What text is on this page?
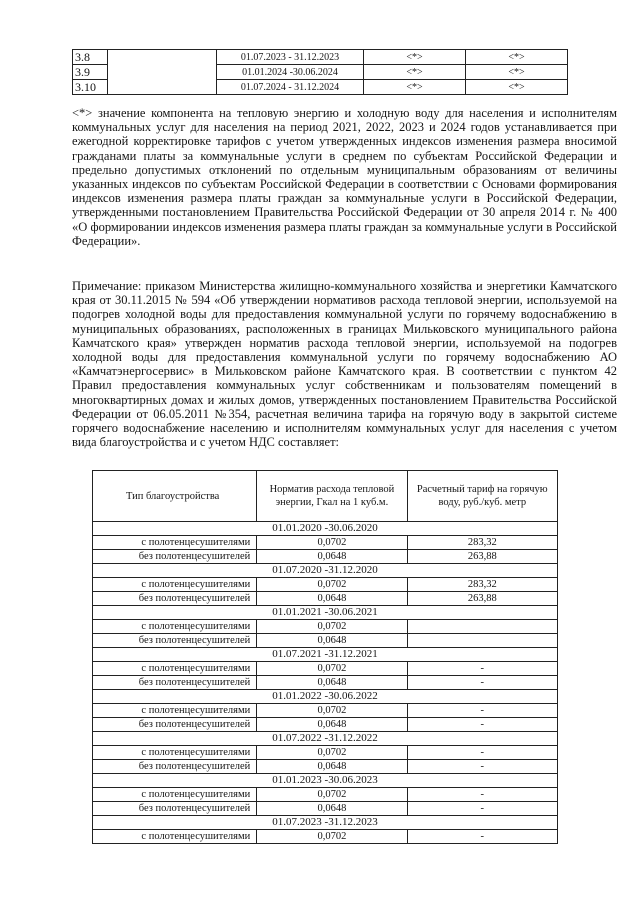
3.8		01.07.2023 - 31.12.2023	<*>	<*>
3.9		01.01.2024 -30.06.2024	<*>	<*>
3.10		01.07.2024 - 31.12.2024	<*>	<*>
<*> значение компонента на тепловую энергию и холодную воду для населения и исполнителям коммунальных услуг для населения на период 2021, 2022, 2023 и 2024 годов устанавливается при ежегодной корректировке тарифов с учетом утвержденных индексов изменения размера вносимой гражданами платы за коммунальные услуги в среднем по субъектам Российской Федерации и предельно допустимых отклонений по отдельным муниципальным образованиям от величины указанных индексов по субъектам Российской Федерации в соответствии с Основами формирования индексов изменения размера платы граждан за коммунальные услуги в Российской Федерации, утвержденными постановлением Правительства Российской Федерации от 30 апреля 2014 г. № 400 «О формировании индексов изменения размера платы граждан за коммунальные услуги в Российской Федерации».
Примечание: приказом Министерства жилищно-коммунального хозяйства и энергетики Камчатского края от 30.11.2015 № 594 «Об утверждении нормативов расхода тепловой энергии, используемой на подогрев холодной воды для предоставления коммунальной услуги по горячему водоснабжению в муниципальных образованиях, расположенных в границах Мильковского муниципального района Камчатского края» утвержден норматив расхода тепловой энергии, используемой на подогрев холодной воды для предоставления коммунальной услуги по горячему водоснабжению АО «Камчатэнергосервис» в Мильковском районе Камчатского края. В соответствии с пунктом 42 Правил предоставления коммунальных услуг собственникам и пользователям помещений в многоквартирных домах и жилых домов, утвержденных постановлением Правительства Российской Федерации от 06.05.2011 №354, расчетная величина тарифа на горячую воду в закрытой системе горячего водоснабжение населению и исполнителям коммунальных услуг для населения с учетом вида благоустройства и с учетом НДС составляет:
Тип благоустройства	Норматив расхода тепловой энергии, Гкал на 1 куб.м.	Расчетный тариф на горячую воду, руб./куб. метр
01.01.2020 -30.06.2020		
с полотенцесушителями	0,0702	283,32
без полотенцесушителей	0,0648	263,88
01.07.2020 -31.12.2020		
с полотенцесушителями	0,0702	283,32
без полотенцесушителей	0,0648	263,88
01.01.2021 -30.06.2021		
с полотенцесушителями	0,0702	
без полотенцесушителей	0,0648	
01.07.2021 -31.12.2021		
с полотенцесушителями	0,0702	-
без полотенцесушителей	0,0648	-
01.01.2022 -30.06.2022		
с полотенцесушителями	0,0702	-
без полотенцесушителей	0,0648	-
01.07.2022 -31.12.2022		
с полотенцесушителями	0,0702	-
без полотенцесушителей	0,0648	-
01.01.2023 -30.06.2023		
с полотенцесушителями	0,0702	-
без полотенцесушителей	0,0648	-
01.07.2023 -31.12.2023		
с полотенцесушителями	0,0702	-
